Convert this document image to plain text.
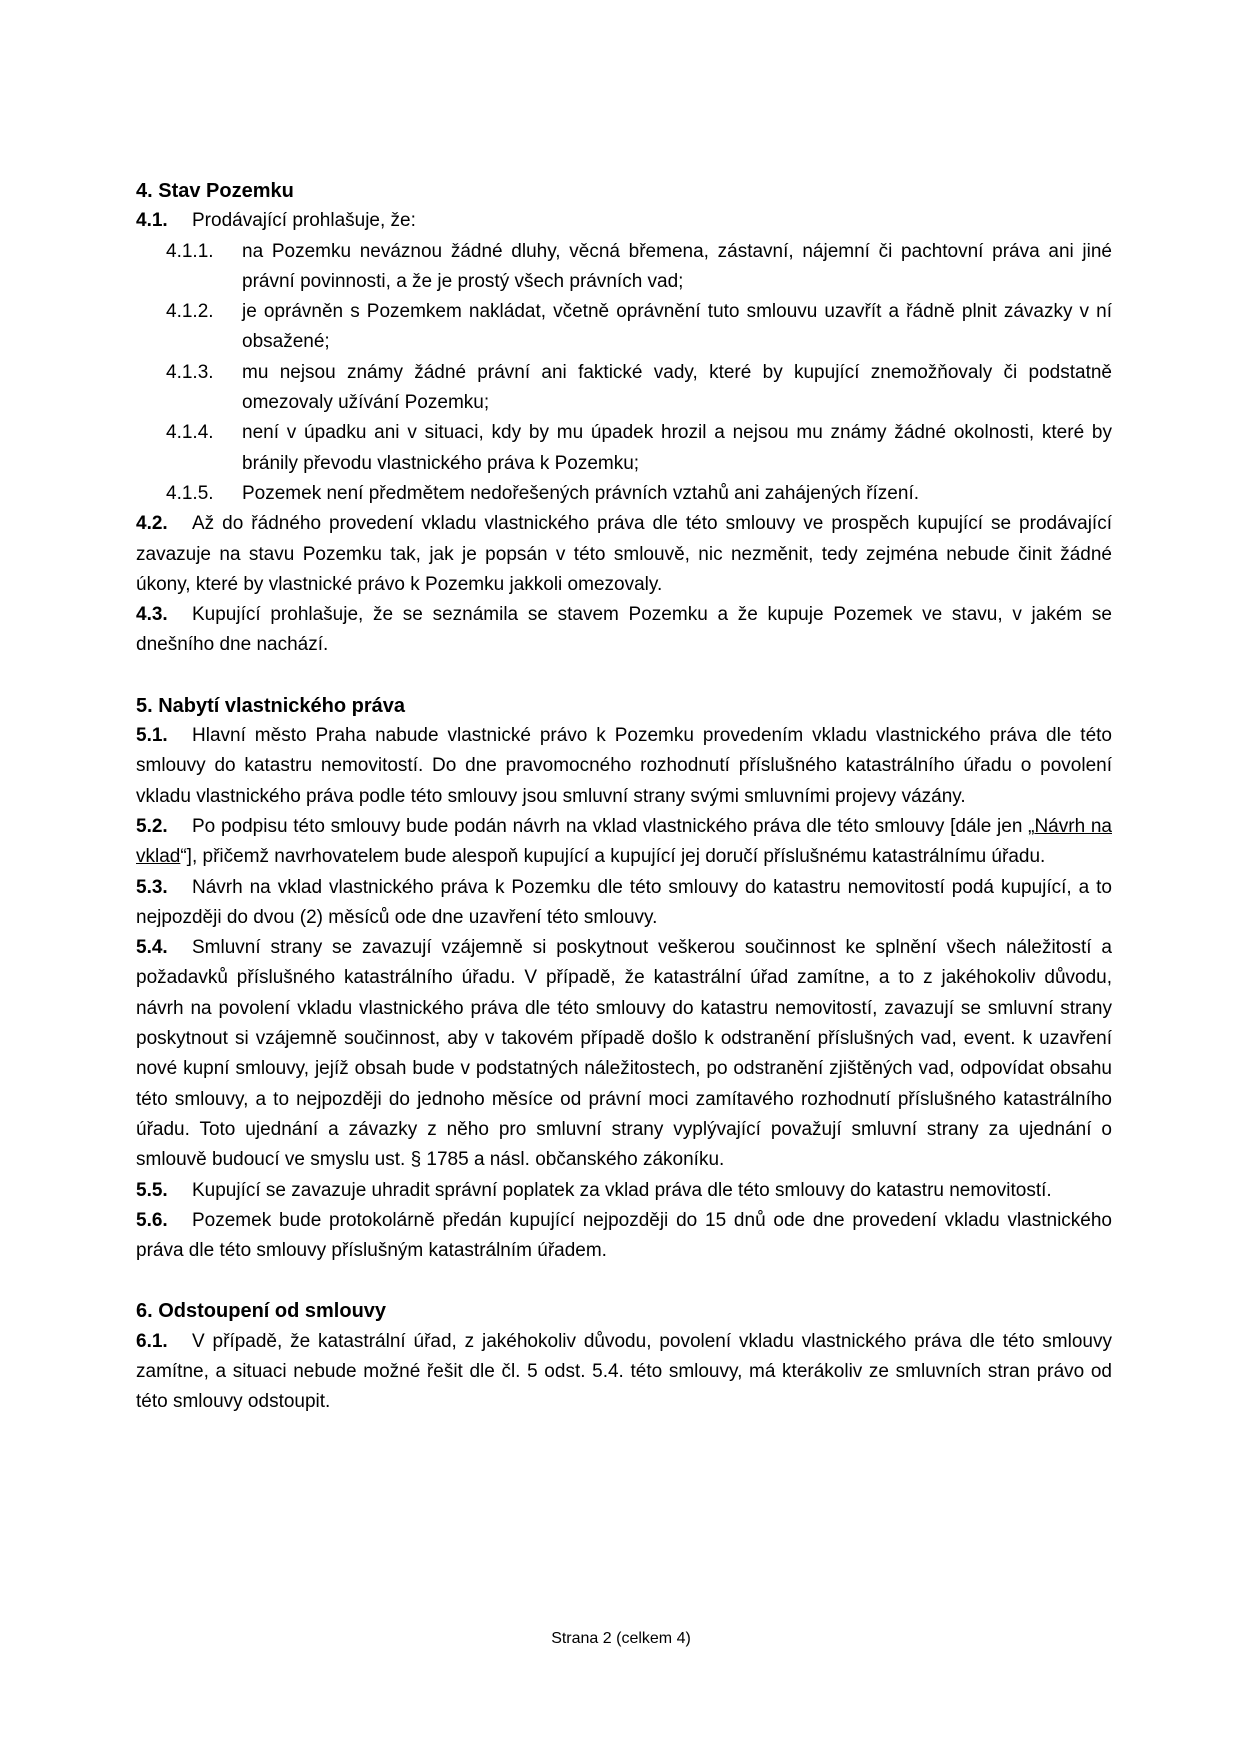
4. Stav Pozemku

4.1. Prodávající prohlašuje, že:

4.1.1. na Pozemku neváznou žádné dluhy, věcná břemena, zástavní, nájemní či pachtovní práva ani jiné právní povinnosti, a že je prostý všech právních vad;
4.1.2. je oprávněn s Pozemkem nakládat, včetně oprávnění tuto smlouvu uzavřít a řádně plnit závazky v ní obsažené;
4.1.3. mu nejsou známy žádné právní ani faktické vady, které by kupující znemožňovaly či podstatně omezovaly užívání Pozemku;
4.1.4. není v úpadku ani v situaci, kdy by mu úpadek hrozil a nejsou mu známy žádné okolnosti, které by bránily převodu vlastnického práva k Pozemku;
4.1.5. Pozemek není předmětem nedořešených právních vztahů ani zahájených řízení.

4.2. Až do řádného provedení vkladu vlastnického práva dle této smlouvy ve prospěch kupující se prodávající zavazuje na stavu Pozemku tak, jak je popsán v této smlouvě, nic nezměnit, tedy zejména nebude činit žádné úkony, které by vlastnické právo k Pozemku jakkoli omezovaly.

4.3. Kupující prohlašuje, že se seznámila se stavem Pozemku a že kupuje Pozemek ve stavu, v jakém se dnešního dne nachází.

5. Nabytí vlastnického práva

5.1. Hlavní město Praha nabude vlastnické právo k Pozemku provedením vkladu vlastnického práva dle této smlouvy do katastru nemovitostí. Do dne pravomocného rozhodnutí příslušného katastrálního úřadu o povolení vkladu vlastnického práva podle této smlouvy jsou smluvní strany svými smluvními projevy vázány.

5.2. Po podpisu této smlouvy bude podán návrh na vklad vlastnického práva dle této smlouvy [dále jen „Návrh na vklad“], přičemž navrhovatelem bude alespoň kupující a kupující jej doručí příslušnému katastrálnímu úřadu.

5.3. Návrh na vklad vlastnického práva k Pozemku dle této smlouvy do katastru nemovitostí podá kupující, a to nejpozději do dvou (2) měsíců ode dne uzavření této smlouvy.

5.4. Smluvní strany se zavazují vzájemně si poskytnout veškerou součinnost ke splnění všech náležitostí a požadavků příslušného katastrálního úřadu. V případě, že katastrální úřad zamítne, a to z jakéhokoliv důvodu, návrh na povolení vkladu vlastnického práva dle této smlouvy do katastru nemovitostí, zavazují se smluvní strany poskytnout si vzájemně součinnost, aby v takovém případě došlo k odstranění příslušných vad, event. k uzavření nové kupní smlouvy, jejíž obsah bude v podstatných náležitostech, po odstranění zjištěných vad, odpovídat obsahu této smlouvy, a to nejpozději do jednoho měsíce od právní moci zamítavého rozhodnutí příslušného katastrálního úřadu. Toto ujednání a závazky z něho pro smluvní strany vyplývající považují smluvní strany za ujednání o smlouvě budoucí ve smyslu ust. § 1785 a násl. občanského zákoníku.

5.5. Kupující se zavazuje uhradit správní poplatek za vklad práva dle této smlouvy do katastru nemovitostí.

5.6. Pozemek bude protokolárně předán kupující nejpozději do 15 dnů ode dne provedení vkladu vlastnického práva dle této smlouvy příslušným katastrálním úřadem.

6. Odstoupení od smlouvy

6.1. V případě, že katastrální úřad, z jakéhokoliv důvodu, povolení vkladu vlastnického práva dle této smlouvy zamítne, a situaci nebude možné řešit dle čl. 5 odst. 5.4. této smlouvy, má kterákoliv ze smluvních stran právo od této smlouvy odstoupit.

Strana 2 (celkem 4)
